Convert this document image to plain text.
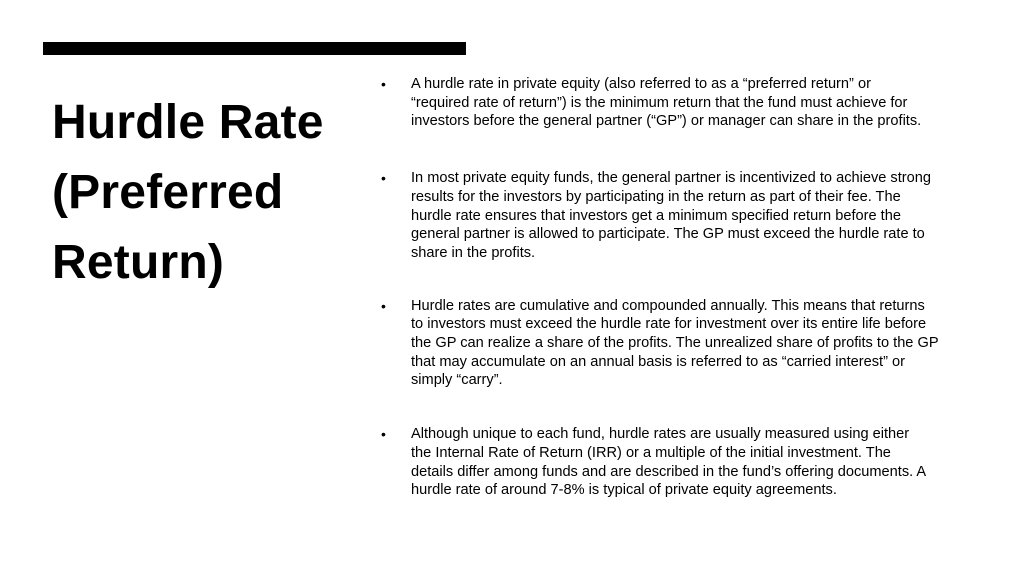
Hurdle Rate
(Preferred
Return)
• A hurdle rate in private equity (also referred to as a “preferred return” or
“required rate of return”) is the minimum return that the fund must achieve for
investors before the general partner (“GP”) or manager can share in the profits.

• In most private equity funds, the general partner is incentivized to achieve strong
results for the investors by participating in the return as part of their fee. The
hurdle rate ensures that investors get a minimum specified return before the
general partner is allowed to participate. The GP must exceed the hurdle rate to
share in the profits.

• Hurdle rates are cumulative and compounded annually. This means that returns
to investors must exceed the hurdle rate for investment over its entire life before
the GP can realize a share of the profits. The unrealized share of profits to the GP
that may accumulate on an annual basis is referred to as “carried interest” or
simply “carry”.

• Although unique to each fund, hurdle rates are usually measured using either
the Internal Rate of Return (IRR) or a multiple of the initial investment. The
details differ among funds and are described in the fund’s offering documents. A
hurdle rate of around 7-8% is typical of private equity agreements.
